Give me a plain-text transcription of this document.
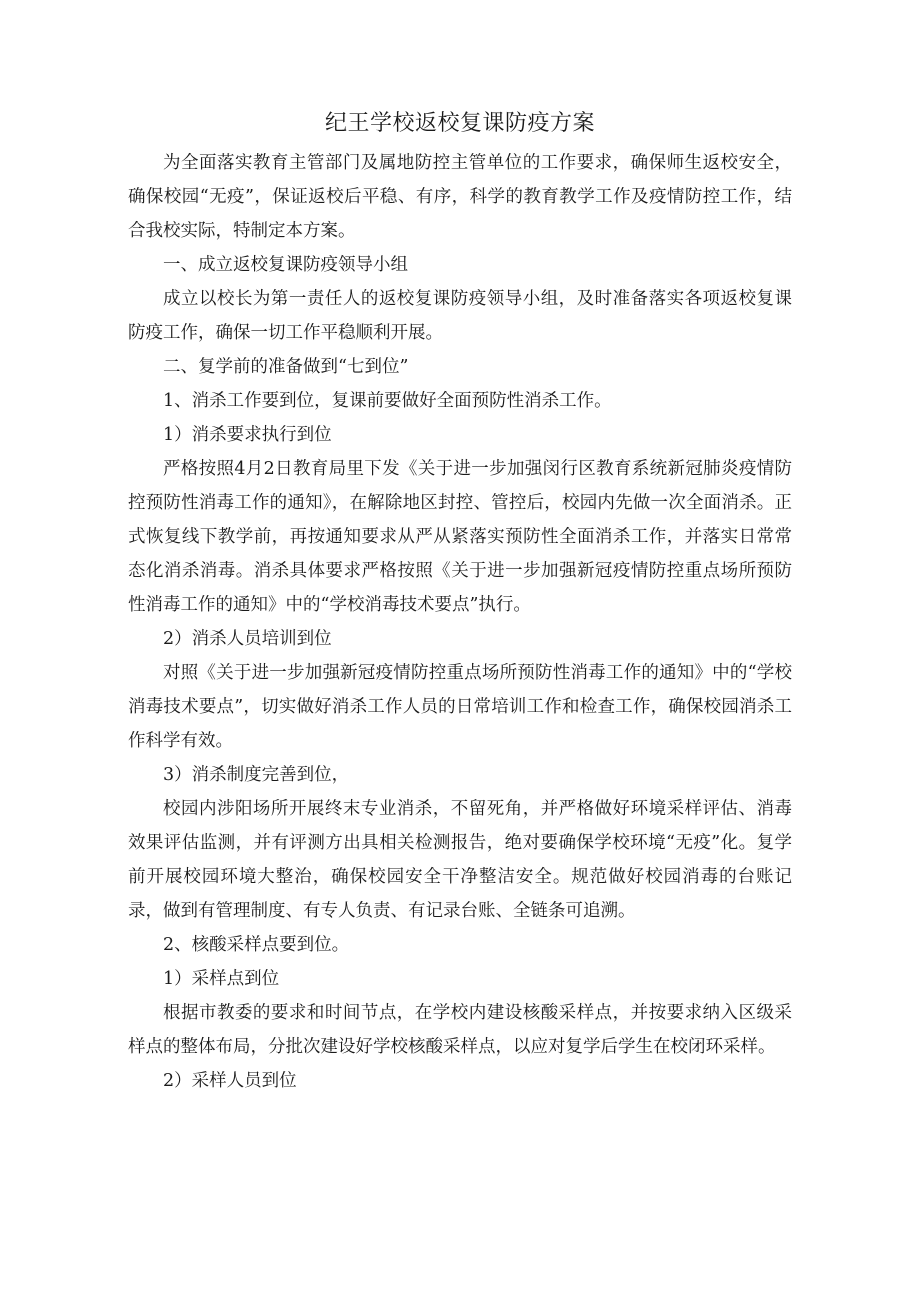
纪王学校返校复课防疫方案

为全面落实教育主管部门及属地防控主管单位的工作要求，确保师生返校安全，确保校园“无疫”，保证返校后平稳、有序，科学的教育教学工作及疫情防控工作，结合我校实际，特制定本方案。

一、成立返校复课防疫领导小组

成立以校长为第一责任人的返校复课防疫领导小组，及时准备落实各项返校复课防疫工作，确保一切工作平稳顺利开展。

二、复学前的准备做到“七到位”

1、消杀工作要到位，复课前要做好全面预防性消杀工作。

1）消杀要求执行到位

严格按照4月2日教育局里下发《关于进一步加强闵行区教育系统新冠肺炎疫情防控预防性消毒工作的通知》，在解除地区封控、管控后，校园内先做一次全面消杀。正式恢复线下教学前，再按通知要求从严从紧落实预防性全面消杀工作，并落实日常常态化消杀消毒。消杀具体要求严格按照《关于进一步加强新冠疫情防控重点场所预防性消毒工作的通知》中的“学校消毒技术要点”执行。

2）消杀人员培训到位

对照《关于进一步加强新冠疫情防控重点场所预防性消毒工作的通知》中的“学校消毒技术要点”，切实做好消杀工作人员的日常培训工作和检查工作，确保校园消杀工作科学有效。

3）消杀制度完善到位，

校园内涉阳场所开展终末专业消杀，不留死角，并严格做好环境采样评估、消毒效果评估监测，并有评测方出具相关检测报告，绝对要确保学校环境“无疫”化。复学前开展校园环境大整治，确保校园安全干净整洁安全。规范做好校园消毒的台账记录，做到有管理制度、有专人负责、有记录台账、全链条可追溯。

2、核酸采样点要到位。

1）采样点到位

根据市教委的要求和时间节点，在学校内建设核酸采样点，并按要求纳入区级采样点的整体布局，分批次建设好学校核酸采样点，以应对复学后学生在校闭环采样。

2）采样人员到位
